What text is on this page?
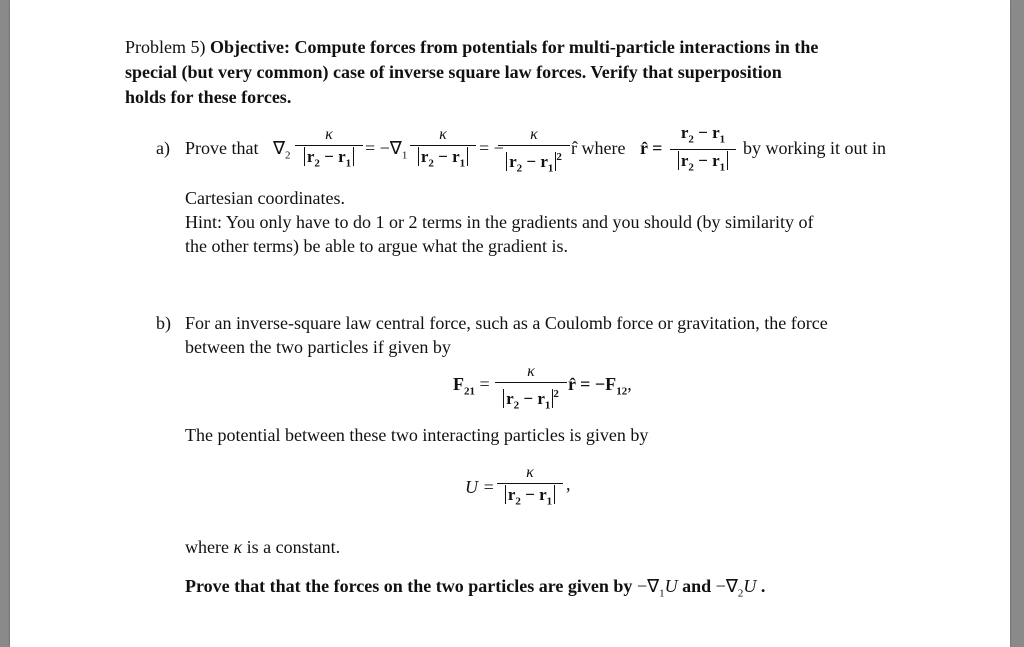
Problem 5) Objective: Compute forces from potentials for multi-particle interactions in the
special (but very common) case of inverse square law forces. Verify that superposition
holds for these forces.
a) Prove that $\nabla_2$
κ
$r_2 - r_1$
= $-\nabla_1$
κ
$r_2 - r_1$
= −
κ
$r_2 - r_1^2$ r̂ where r̂ =
$r_2 - r_1$
$r_2 - r_1$
by working it out in
Cartesian coordinates.
Hint: You only have to do 1 or 2 terms in the gradients and you should (by similarity of
the other terms) be able to argue what the gradient is.
b) For an inverse-square law central force, such as a Coulomb force or gravitation, the force
between the two particles if given by
$F_{21}$ =
κ
$r_2 - r_1^2$ r̂ = $-F_{12}$,
The potential between these two interacting particles is given by
U =
κ
$r_2 - r_1$
,
where κ is a constant.
Prove that that the forces on the two particles are given by $-\nabla_1U$ and $-\nabla_2U$ .
